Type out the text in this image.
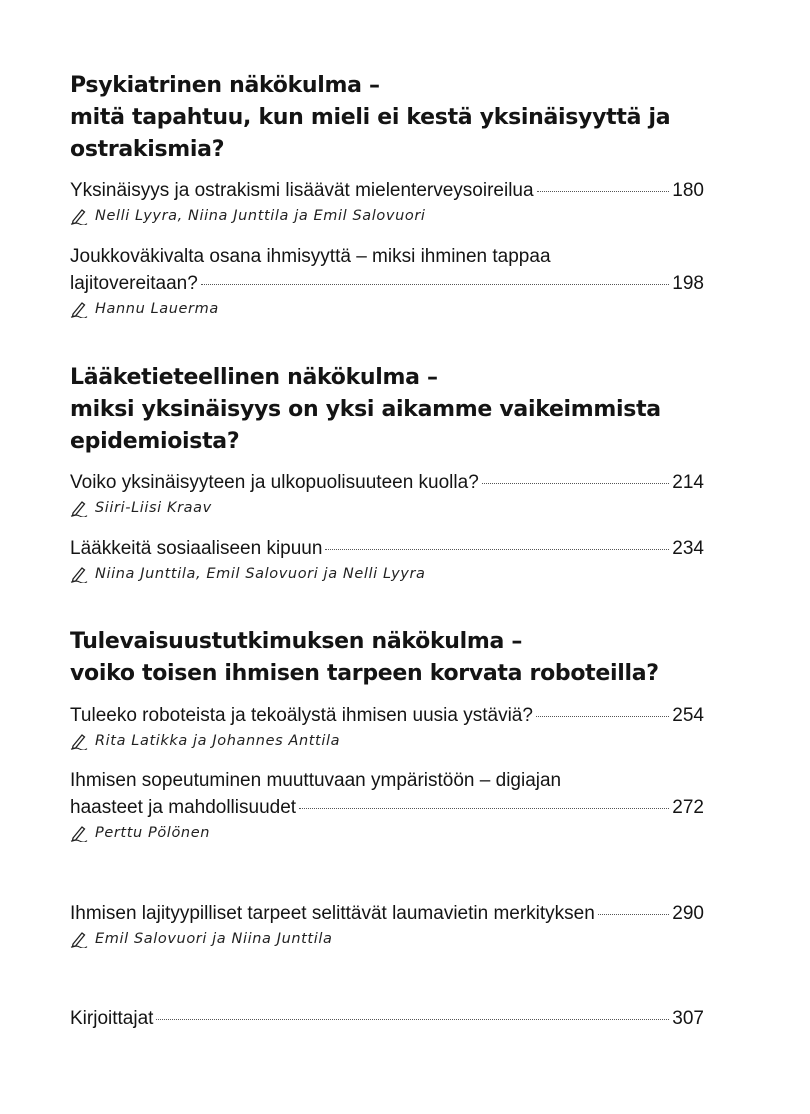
Psykiatrinen näkökulma –
mitä tapahtuu, kun mieli ei kestä yksinäisyyttä ja
ostrakismia?
Yksinäisyys ja ostrakismi lisäävät mielenterveysoireilua	180
Nelli Lyyra, Niina Junttila ja Emil Salovuori
Joukkoväkivalta osana ihmisyyttä – miksi ihminen tappaa
lajitovereitaan?	198
Hannu Lauerma
Lääketieteellinen näkökulma –
miksi yksinäisyys on yksi aikamme vaikeimmista
epidemioista?
Voiko yksinäisyyteen ja ulkopuolisuuteen kuolla?	214
Siiri-Liisi Kraav
Lääkkeitä sosiaaliseen kipuun	234
Niina Junttila, Emil Salovuori ja Nelli Lyyra
Tulevaisuustutkimuksen näkökulma –
voiko toisen ihmisen tarpeen korvata roboteilla?
Tuleeko roboteista ja tekoälystä ihmisen uusia ystäviä?	254
Rita Latikka ja Johannes Anttila
Ihmisen sopeutuminen muuttuvaan ympäristöön – digiajan
haasteet ja mahdollisuudet	272
Perttu Pölönen
Ihmisen lajityypilliset tarpeet selittävät laumavietin merkityksen	290
Emil Salovuori ja Niina Junttila
Kirjoittajat	307
